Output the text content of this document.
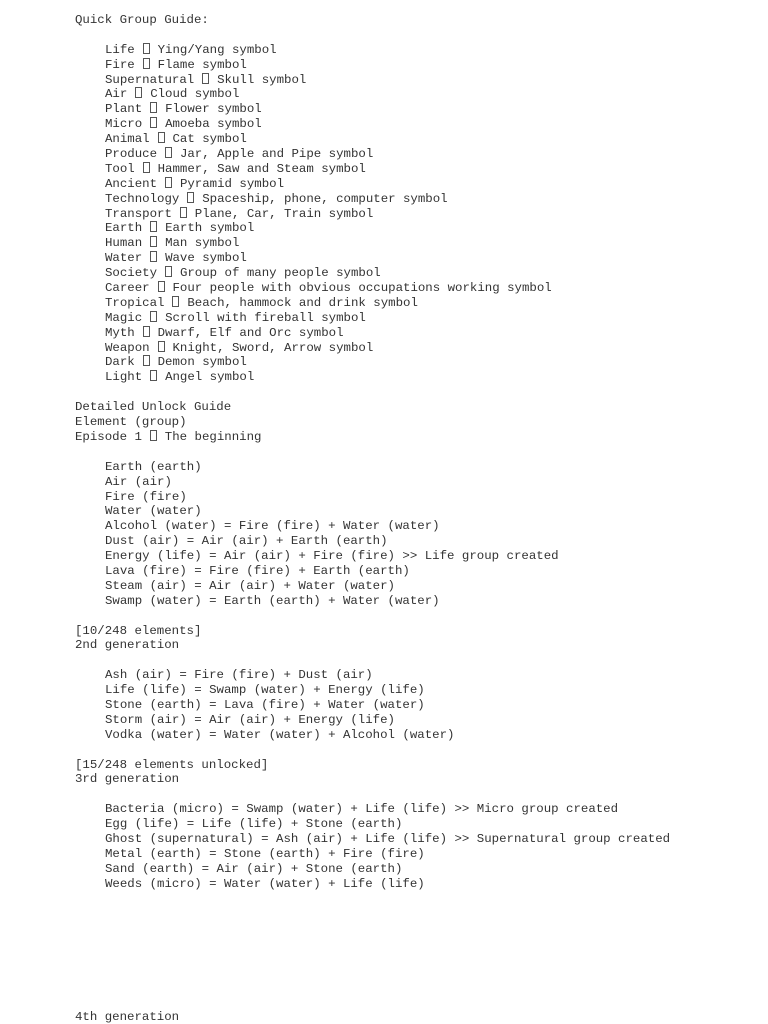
Quick Group Guide:
Life Ying/Yang symbol
Fire Flame symbol
Supernatural Skull symbol
Air Cloud symbol
Plant Flower symbol
Micro Amoeba symbol
Animal Cat symbol
Produce Jar, Apple and Pipe symbol
Tool Hammer, Saw and Steam symbol
Ancient Pyramid symbol
Technology Spaceship, phone, computer symbol
Transport Plane, Car, Train symbol
Earth Earth symbol
Human Man symbol
Water Wave symbol
Society Group of many people symbol
Career Four people with obvious occupations working symbol
Tropical Beach, hammock and drink symbol
Magic Scroll with fireball symbol
Myth Dwarf, Elf and Orc symbol
Weapon Knight, Sword, Arrow symbol
Dark Demon symbol
Light Angel symbol
Detailed Unlock Guide
Element (group)
Episode 1 The beginning
Earth (earth)
Air (air)
Fire (fire)
Water (water)
Alcohol (water) = Fire (fire) + Water (water)
Dust (air) = Air (air) + Earth (earth)
Energy (life) = Air (air) + Fire (fire) >> Life group created
Lava (fire) = Fire (fire) + Earth (earth)
Steam (air) = Air (air) + Water (water)
Swamp (water) = Earth (earth) + Water (water)
[10/248 elements]
2nd generation
Ash (air) = Fire (fire) + Dust (air)
Life (life) = Swamp (water) + Energy (life)
Stone (earth) = Lava (fire) + Water (water)
Storm (air) = Air (air) + Energy (life)
Vodka (water) = Water (water) + Alcohol (water)
[15/248 elements unlocked]
3rd generation
Bacteria (micro) = Swamp (water) + Life (life) >> Micro group created
Egg (life) = Life (life) + Stone (earth)
Ghost (supernatural) = Ash (air) + Life (life) >> Supernatural group created
Metal (earth) = Stone (earth) + Fire (fire)
Sand (earth) = Air (air) + Stone (earth)
Weeds (micro) = Water (water) + Life (life)
4th generation
